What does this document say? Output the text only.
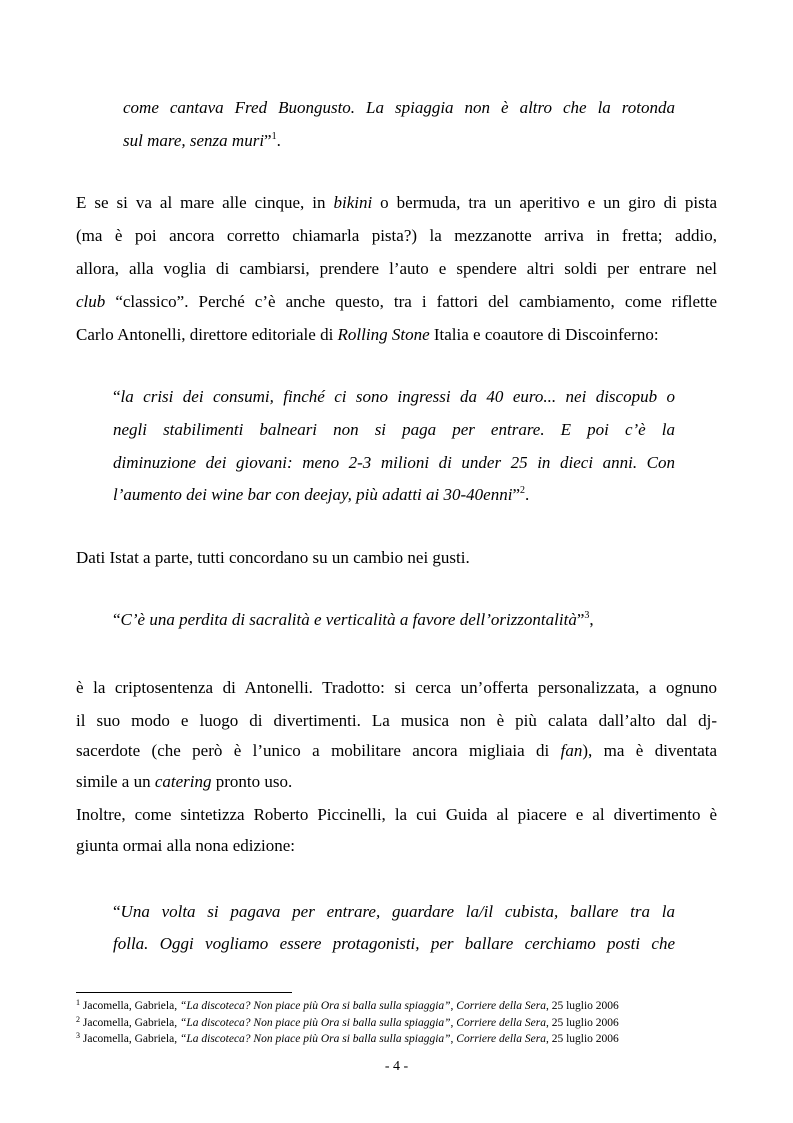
come cantava Fred Buongusto. La spiaggia non è altro che la rotonda
sul mare, senza muri”$^1$.
E se si va al mare alle cinque, in bikini o bermuda, tra un aperitivo e un giro di pista
(ma è poi ancora corretto chiamarla pista?) la mezzanotte arriva in fretta; addio,
allora, alla voglia di cambiarsi, prendere l’auto e spendere altri soldi per entrare nel
club “classico”. Perché c’è anche questo, tra i fattori del cambiamento, come riflette
Carlo Antonelli, direttore editoriale di Rolling Stone Italia e coautore di Discoinferno:
“la crisi dei consumi, finché ci sono ingressi da 40 euro... nei discopub o
negli stabilimenti balneari non si paga per entrare. E poi c’è la
diminuzione dei giovani: meno 2-3 milioni di under 25 in dieci anni. Con
l’aumento dei wine bar con deejay, più adatti ai 30-40enni”$^2$.
Dati Istat a parte, tutti concordano su un cambio nei gusti.
“C’è una perdita di sacralità e verticalità a favore dell’orizzontalità”$^3$,
è la criptosentenza di Antonelli. Tradotto: si cerca un’offerta personalizzata, a ognuno
il suo modo e luogo di divertimenti. La musica non è più calata dall’alto dal dj-
sacerdote (che però è l’unico a mobilitare ancora migliaia di fan), ma è diventata
simile a un catering pronto uso.
Inoltre, come sintetizza Roberto Piccinelli, la cui Guida al piacere e al divertimento è
giunta ormai alla nona edizione:
“Una volta si pagava per entrare, guardare la/il cubista, ballare tra la
folla. Oggi vogliamo essere protagonisti, per ballare cerchiamo posti che
$^1$ Jacomella, Gabriela, “La discoteca? Non piace più Ora si balla sulla spiaggia”, Corriere della Sera, 25 luglio 2006
$^2$ Jacomella, Gabriela, “La discoteca? Non piace più Ora si balla sulla spiaggia”, Corriere della Sera, 25 luglio 2006
$^3$ Jacomella, Gabriela, “La discoteca? Non piace più Ora si balla sulla spiaggia”, Corriere della Sera, 25 luglio 2006
- 4 -
